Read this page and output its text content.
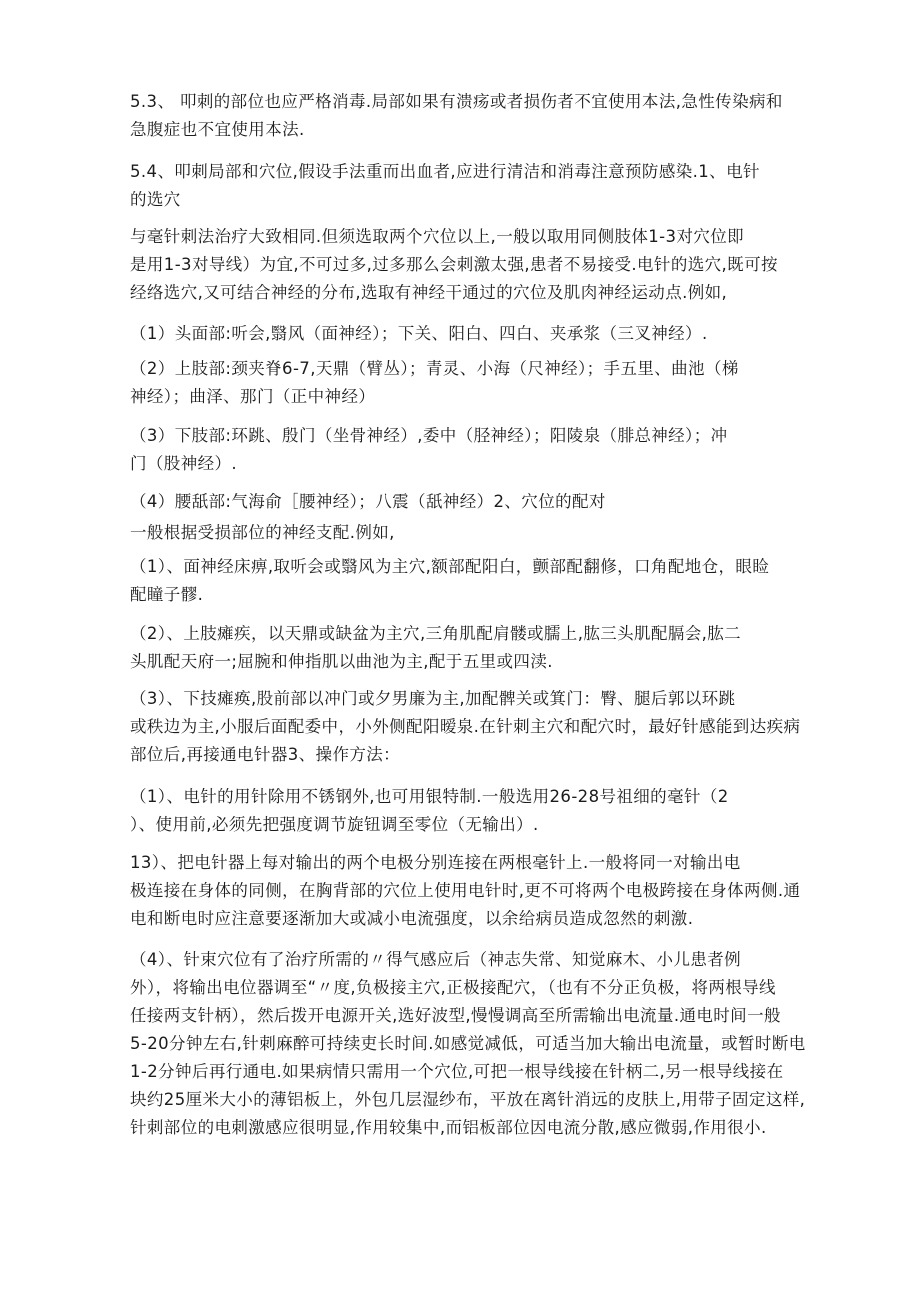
5.3、 叩刺的部位也应严格消毒.局部如果有溃疡或者损伤者不宜使用本法,急性传染病和
急腹症也不宜使用本法.
5.4、叩刺局部和穴位,假设手法重而出血者,应进行清洁和消毒注意预防感染.1、电针
的选穴
与毫针刺法治疗大致相同.但须选取两个穴位以上,一般以取用同侧肢体1-3对穴位即
是用1-3对导线）为宜,不可过多,过多那么会刺激太强,患者不易接受.电针的选穴,既可按
经络选穴,又可结合神经的分布,选取有神经干通过的穴位及肌肉神经运动点.例如,
（1）头面部:听会,翳风（面神经）；下关、阳白、四白、夹承浆（三叉神经）.
（2）上肢部:颈夹脊6-7,天鼎（臂丛）；青灵、小海（尺神经）；手五里、曲池（梯
神经）；曲泽、那门（正中神经）
（3）下肢部:环跳、殷门（坐骨神经）,委中（胫神经）；阳陵泉（腓总神经）；冲
门（股神经）.
（4）腰舐部:气海俞［腰神经）；八震（舐神经）2、穴位的配对
一般根据受损部位的神经支配.例如,
（1）、面神经床痹,取听会或翳风为主穴,额部配阳白，颤部配翻修，口角配地仓，眼睑
配瞳子髎.
（2）、上肢瘫疾，以天鼎或缺盆为主穴,三角肌配肩髅或臑上,肱三头肌配膈会,肱二
头肌配天府一;屈腕和伸指肌以曲池为主,配于五里或四渎.
（3）、下技瘫痪,股前部以冲门或夕男廉为主,加配髀关或箕门：臀、腿后郭以环跳
或秩边为主,小服后面配委中，小外侧配阳暧泉.在针刺主穴和配穴时，最好针感能到达疾病
部位后,再接通电针器3、操作方法：
（1）、电针的用针除用不锈钢外,也可用银特制.一般选用26-28号祖细的毫针（2
）、使用前,必须先把强度调节旋钮调至零位（无输出）.
13）、把电针器上每对输出的两个电极分别连接在两根毫针上.一般将同一对输出电
极连接在身体的同侧，在胸背部的穴位上使用电针时,更不可将两个电极跨接在身体两侧.通
电和断电时应注意要逐渐加大或减小电流强度，以余给病员造成忽然的刺激.
（4）、针束穴位有了治疗所需的〃得气感应后（神志失常、知觉麻木、小儿患者例
外），将输出电位器调至“〃度,负极接主穴,正极接配穴，（也有不分正负极，将两根导线
任接两支针柄），然后拨开电源开关,选好波型,慢慢调高至所需输出电流量.通电时间一般
5-20分钟左右,针刺麻醉可持续吏长时间.如感觉减低，可适当加大输出电流量，或暂时断电
1-2分钟后再行通电.如果病情只需用一个穴位,可把一根导线接在针柄二,另一根导线接在
块约25厘米大小的薄铝板上，外包几层湿纱布，平放在离针消远的皮肤上,用带子固定这样,
针刺部位的电刺激感应很明显,作用较集中,而铝板部位因电流分散,感应微弱,作用很小.
